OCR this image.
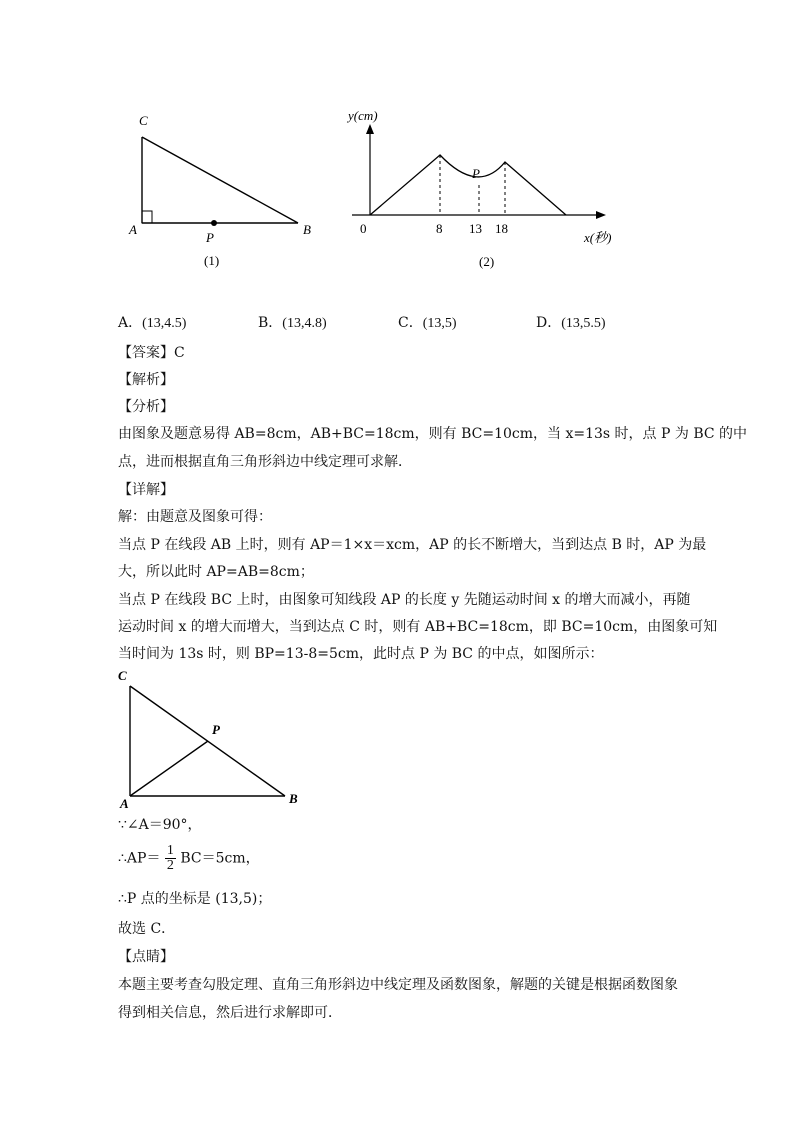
C
A
P
B
(1)
y(cm)
x(秒)
0	8 13 18
P
(2)
A．(13,4.5)	B．(13,4.8)	C．(13,5)	D．(13,5.5)
【答案】C
【解析】
【分析】
由图象及题意易得 AB=8cm，AB+BC=18cm，则有 BC=10cm，当 x=13s 时，点 P 为 BC 的中
点，进而根据直角三角形斜边中线定理可求解．
【详解】
解：由题意及图象可得：
当点 P 在线段 AB 上时，则有 AP＝1×x＝xcm，AP 的长不断增大，当到达点 B 时，AP 为最
大，所以此时 AP=AB=8cm；
当点 P 在线段 BC 上时，由图象可知线段 AP 的长度 y 先随运动时间 x 的增大而减小，再随
运动时间 x 的增大而增大，当到达点 C 时，则有 AB+BC=18cm，即 BC=10cm，由图象可知
当时间为 13s 时，则 BP=13-8=5cm，此时点 P 为 BC 的中点，如图所示：
C
P
A	B
∵∠A＝90°，
∴AP＝ $\frac{1}{2} BC=5cm$，
∴P 点的坐标是 (13,5)；
故选 C．
【点睛】
本题主要考查勾股定理、直角三角形斜边中线定理及函数图象，解题的关键是根据函数图象
得到相关信息，然后进行求解即可．
